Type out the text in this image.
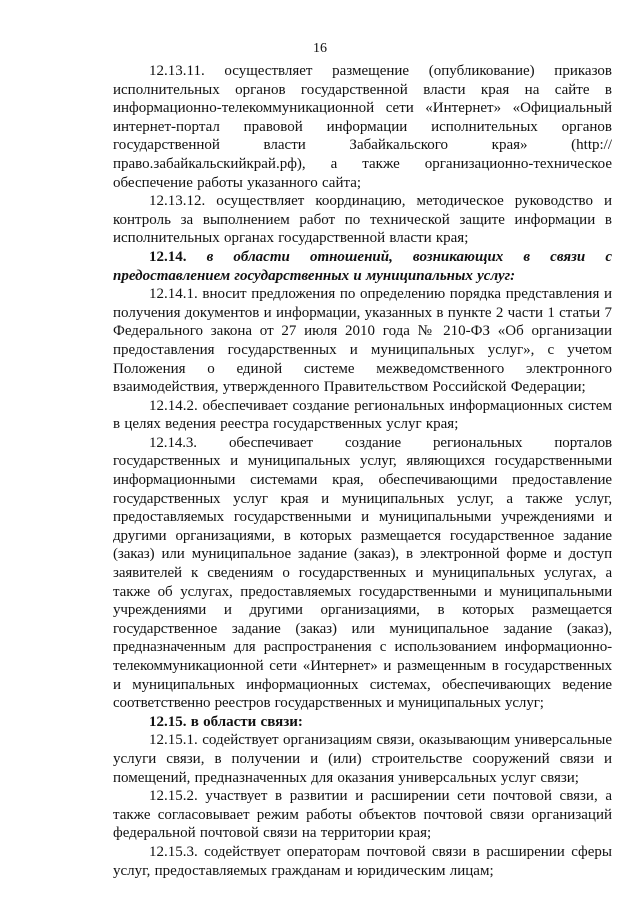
16

12.13.11. осуществляет размещение (опубликование) приказов исполнительных органов государственной власти края на сайте в информационно-телекоммуникационной сети «Интернет» «Официальный интернет-портал правовой информации исполнительных органов государственной власти Забайкальского края» (http://право.забайкальскийкрай.рф), а также организационно-техническое обеспечение работы указанного сайта;

12.13.12. осуществляет координацию, методическое руководство и контроль за выполнением работ по технической защите информации в исполнительных органах государственной власти края;

12.14. в области отношений, возникающих в связи с предоставлением государственных и муниципальных услуг:

12.14.1. вносит предложения по определению порядка представления и получения документов и информации, указанных в пункте 2 части 1 статьи 7 Федерального закона от 27 июля 2010 года № 210-ФЗ «Об организации предоставления государственных и муниципальных услуг», с учетом Положения о единой системе межведомственного электронного взаимодействия, утвержденного Правительством Российской Федерации;

12.14.2. обеспечивает создание региональных информационных систем в целях ведения реестра государственных услуг края;

12.14.3. обеспечивает создание региональных порталов государственных и муниципальных услуг, являющихся государственными информационными системами края, обеспечивающими предоставление государственных услуг края и муниципальных услуг, а также услуг, предоставляемых государственными и муниципальными учреждениями и другими организациями, в которых размещается государственное задание (заказ) или муниципальное задание (заказ), в электронной форме и доступ заявителей к сведениям о государственных и муниципальных услугах, а также об услугах, предоставляемых государственными и муниципальными учреждениями и другими организациями, в которых размещается государственное задание (заказ) или муниципальное задание (заказ), предназначенным для распространения с использованием информационно-телекоммуникационной сети «Интернет» и размещенным в государственных и муниципальных информационных системах, обеспечивающих ведение соответственно реестров государственных и муниципальных услуг;

12.15. в области связи:

12.15.1. содействует организациям связи, оказывающим универсальные услуги связи, в получении и (или) строительстве сооружений связи и помещений, предназначенных для оказания универсальных услуг связи;

12.15.2. участвует в развитии и расширении сети почтовой связи, а также согласовывает режим работы объектов почтовой связи организаций федеральной почтовой связи на территории края;

12.15.3. содействует операторам почтовой связи в расширении сферы услуг, предоставляемых гражданам и юридическим лицам;
